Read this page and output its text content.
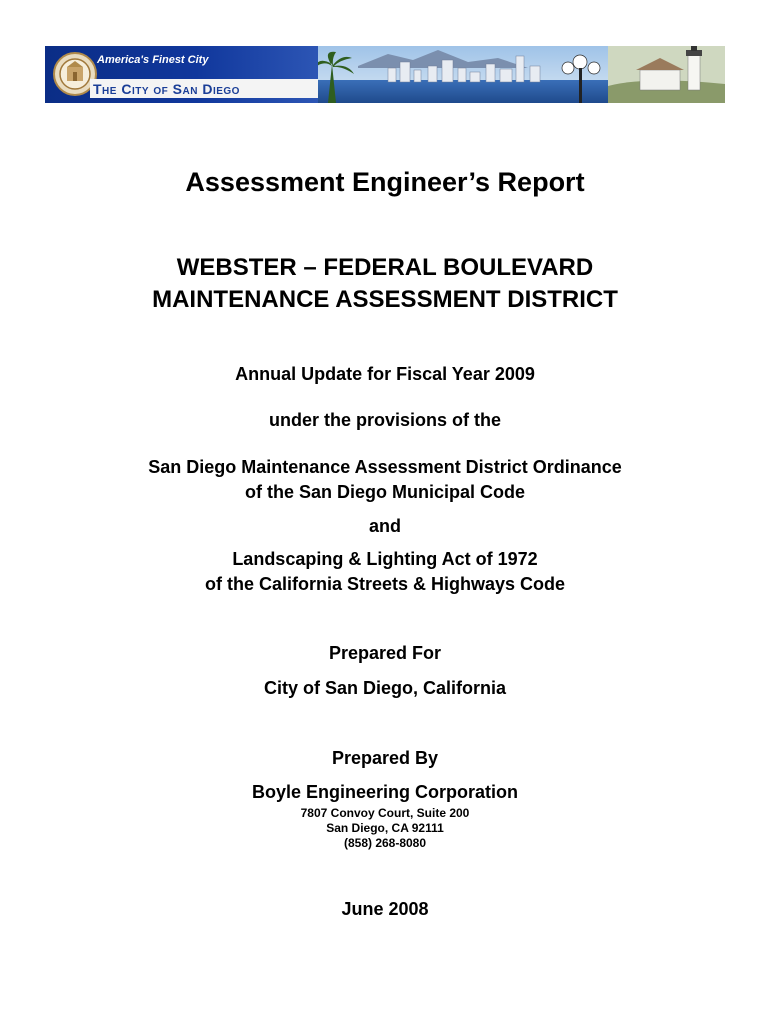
America's Finest City
The City of San Diego
Assessment Engineer’s Report
WEBSTER – FEDERAL BOULEVARD
MAINTENANCE ASSESSMENT DISTRICT
Annual Update for Fiscal Year 2009
under the provisions of the
San Diego Maintenance Assessment District Ordinance
of the San Diego Municipal Code
and
Landscaping & Lighting Act of 1972
of the California Streets & Highways Code
Prepared For
City of San Diego, California
Prepared By
Boyle Engineering Corporation
7807 Convoy Court, Suite 200
San Diego, CA 92111
(858) 268-8080
June 2008
